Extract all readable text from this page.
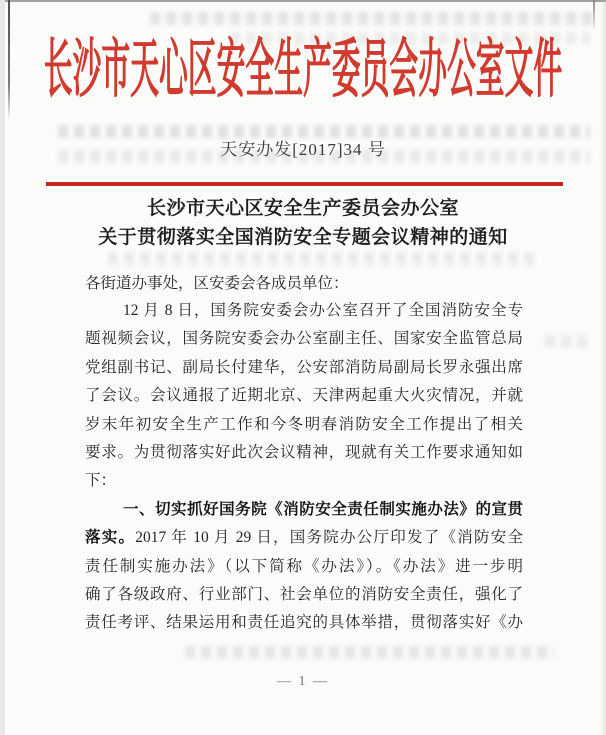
长沙市天心区安全生产委员会办公室文件
天安办发[2017]34 号
长沙市天心区安全生产委员会办公室
关于贯彻落实全国消防安全专题会议精神的通知
各街道办事处，区安委会各成员单位：
12 月 8 日，国务院安委会办公室召开了全国消防安全专
题视频会议，国务院安委会办公室副主任、国家安全监管总局
党组副书记、副局长付建华，公安部消防局副局长罗永强出席
了会议。会议通报了近期北京、天津两起重大火灾情况，并就
岁末年初安全生产工作和今冬明春消防安全工作提出了相关
要求。为贯彻落实好此次会议精神，现就有关工作要求通知如
下：
一、切实抓好国务院《消防安全责任制实施办法》的宣贯
落实。2017 年 10 月 29 日，国务院办公厅印发了《消防安全
责任制实施办法》（以下简称《办法》）。《办法》进一步明
确了各级政府、行业部门、社会单位的消防安全责任，强化了
责任考评、结果运用和责任追究的具体举措，贯彻落实好《办
— 1 —
